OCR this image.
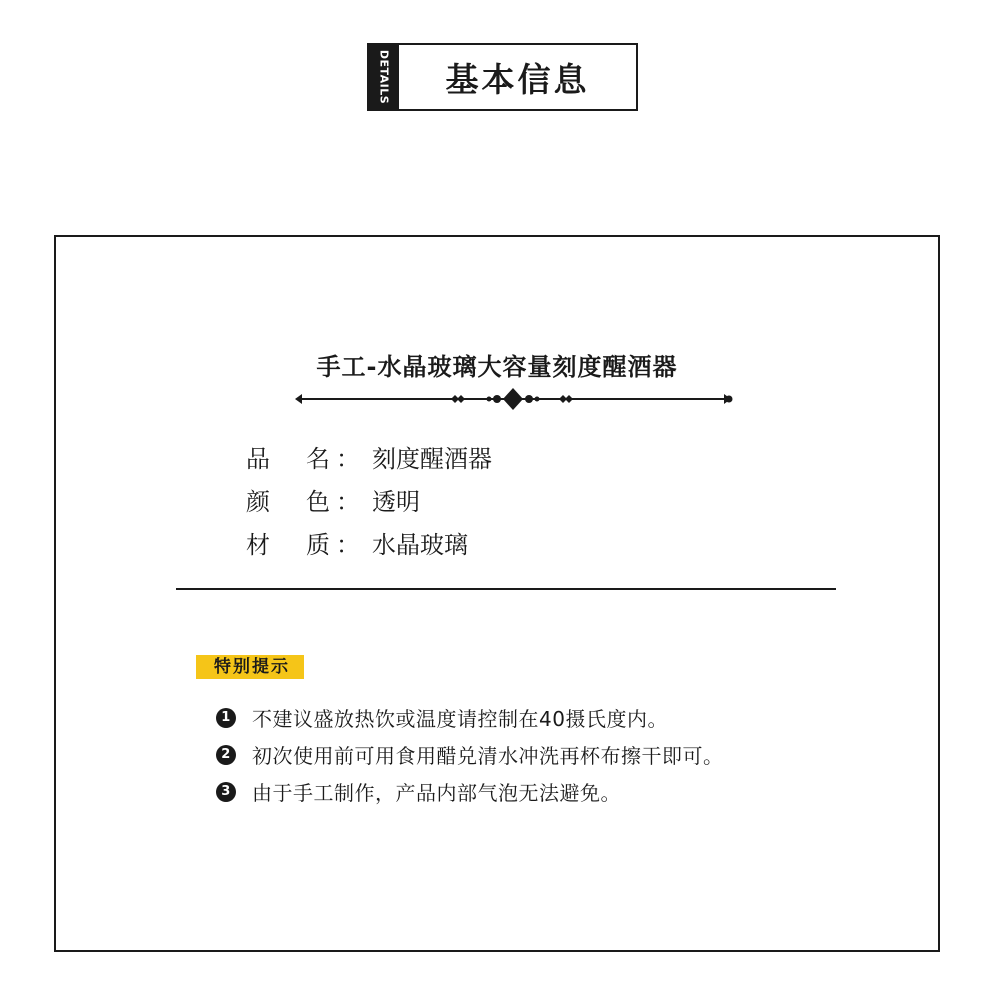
DETAILS	基本信息
手工-水晶玻璃大容量刻度醒酒器
品 名 ： 刻度醒酒器
颜 色 ： 透明
材 质 ： 水晶玻璃
特别提示
1 不建议盛放热饮或温度请控制在40摄氏度内。
2 初次使用前可用食用醋兑清水冲洗再杯布擦干即可。
3 由于手工制作，产品内部气泡无法避免。
